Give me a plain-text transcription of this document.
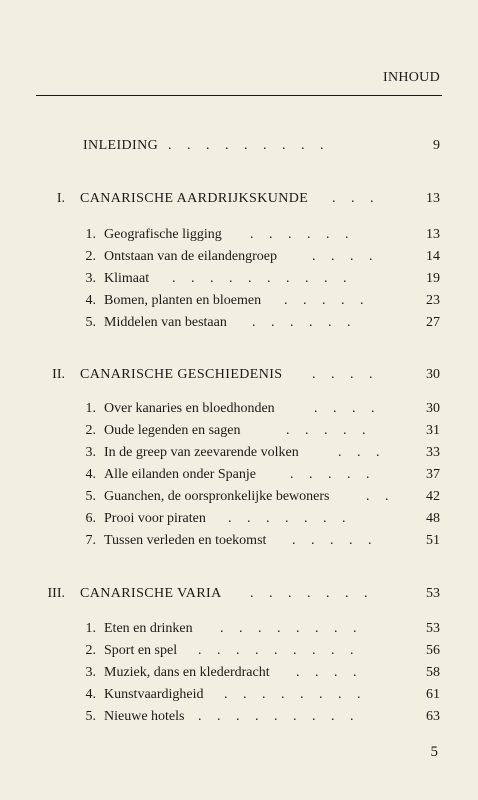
INHOUD
INLEIDING . . . . . . . . .	9
I. CANARISCHE AARDRIJKSKUNDE . . .	13
1. Geografische ligging . . . . . .	13
2. Ontstaan van de eilandengroep	. . . .	14
3. Klimaat . . . . . . . . . .	19
4. Bomen, planten en bloemen . . . . .	23
5. Middelen van bestaan . . . . . .	27
II. CANARISCHE GESCHIEDENIS . . . .	30
1. Over kanaries en bloedhonden	. . . .	30
2. Oude legenden en sagen	. . . . .	31
3. In de greep van zeevarende volken	. . .	33
4. Alle eilanden onder Spanje . . . . .	37
5. Guanchen, de oorspronkelijke bewoners	. .	42
6. Prooi voor piraten . . . . . . .	48
7. Tussen verleden en toekomst . . . . .	51
III. CANARISCHE VARIA . . . . . . .	53
1. Eten en drinken . . . . . . . .	53
2. Sport en spel . . . . . . . . .	56
3. Muziek, dans en klederdracht . . . .	58
4. Kunstvaardigheid . . . . . . . .	61
5. Nieuwe hotels . . . . . . . . .	63
5
